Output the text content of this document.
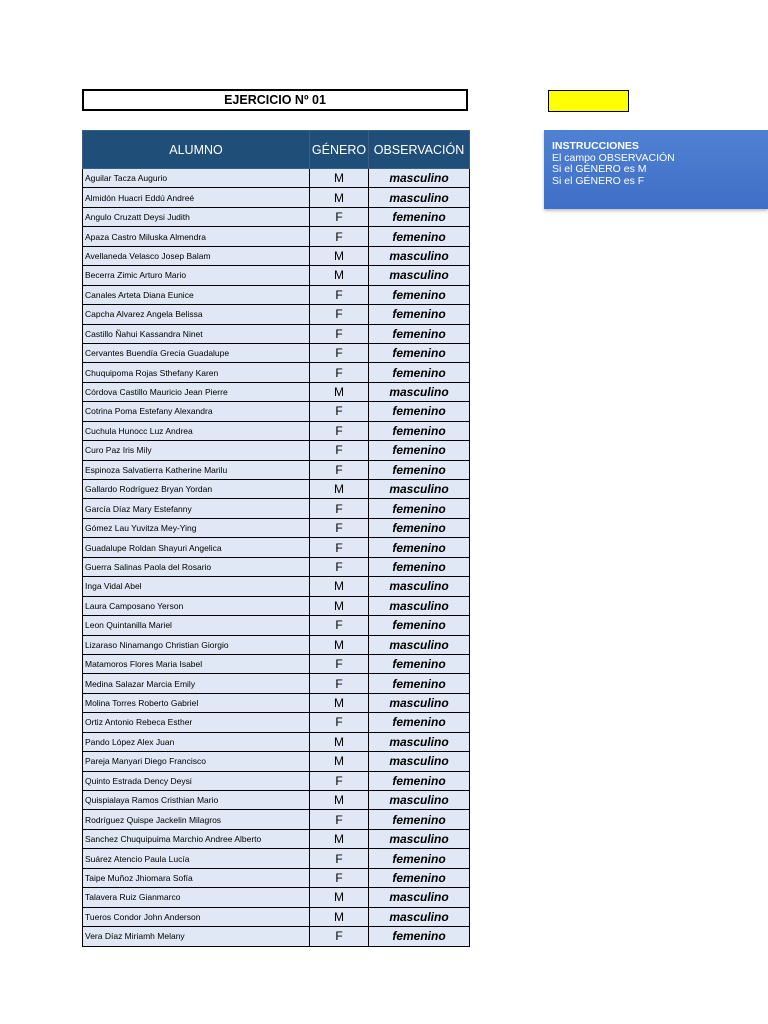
EJERCICIO Nº 01
INSTRUCCIONES
El campo OBSERVACIÓN
Si el GÉNERO es M
Si el GÉNERO es F
ALUMNO	GÉNERO	OBSERVACIÓN
Aguilar Tacza Augurio	M	masculino
Almidón Huacri Eddú Andreé	M	masculino
Angulo Cruzatt Deysi Judith	F	femenino
Apaza Castro Miluska Almendra	F	femenino
Avellaneda Velasco Josep Balam	M	masculino
Becerra Zimic Arturo Mario	M	masculino
Canales Arteta Diana Eunice	F	femenino
Capcha Alvarez Angela Belissa	F	femenino
Castillo Ñahui Kassandra Ninet	F	femenino
Cervantes Buendía Grecia Guadalupe	F	femenino
Chuquipoma Rojas Sthefany Karen	F	femenino
Córdova Castillo Mauricio Jean Pierre	M	masculino
Cotrina Poma Estefany Alexandra	F	femenino
Cuchula Hunocc Luz Andrea	F	femenino
Curo Paz Iris Mily	F	femenino
Espinoza Salvatierra Katherine Marilu	F	femenino
Gallardo Rodríguez Bryan Yordan	M	masculino
García Díaz Mary Estefanny	F	femenino
Gómez Lau Yuvitza Mey-Ying	F	femenino
Guadalupe Roldan Shayuri Angelica	F	femenino
Guerra Salinas Paola del Rosario	F	femenino
Inga Vidal Abel	M	masculino
Laura Camposano Yerson	M	masculino
Leon Quintanilla Mariel	F	femenino
Lizaraso Ninamango Christian Giorgio	M	masculino
Matamoros Flores Maria Isabel	F	femenino
Medina Salazar Marcia Emily	F	femenino
Molina Torres Roberto Gabriel	M	masculino
Ortiz Antonio Rebeca Esther	F	femenino
Pando López Alex Juan	M	masculino
Pareja Manyari Diego Francisco	M	masculino
Quinto Estrada Dency Deysi	F	femenino
Quispialaya Ramos Cristhian Mario	M	masculino
Rodríguez Quispe Jackelin Milagros	F	femenino
Sanchez Chuquipuima Marchio Andree Alberto	M	masculino
Suárez Atencio Paula Lucía	F	femenino
Taipe Muñoz Jhiomara Sofía	F	femenino
Talavera Ruiz Gianmarco	M	masculino
Tueros Condor John Anderson	M	masculino
Vera Díaz Miriamh Melany	F	femenino
